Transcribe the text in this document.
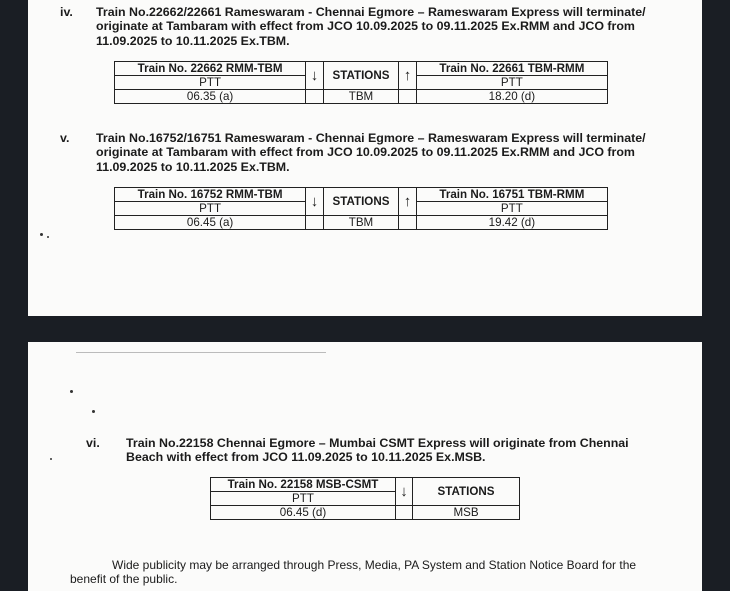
iv.	Train No.22662/22661 Rameswaram - Chennai Egmore – Rameswaram Express will terminate/ originate at Tambaram with effect from JCO 10.09.2025 to 09.11.2025 Ex.RMM and JCO from 11.09.2025 to 10.11.2025 Ex.TBM.
Train No. 22662 RMM-TBM	↓	STATIONS	↑	Train No. 22661 TBM-RMM
PTT				PTT
06.35 (a)		TBM		18.20 (d)
v.	Train No.16752/16751 Rameswaram - Chennai Egmore – Rameswaram Express will terminate/ originate at Tambaram with effect from JCO 10.09.2025 to 09.11.2025 Ex.RMM and JCO from 11.09.2025 to 10.11.2025 Ex.TBM.
Train No. 16752 RMM-TBM	↓	STATIONS	↑	Train No. 16751 TBM-RMM
PTT				PTT
06.45 (a)		TBM		19.42 (d)
vi.	Train No.22158 Chennai Egmore – Mumbai CSMT Express will originate from Chennai Beach with effect from JCO 11.09.2025 to 10.11.2025 Ex.MSB.
Train No. 22158 MSB-CSMT	↓	STATIONS
PTT		
06.45 (d)		MSB
Wide publicity may be arranged through Press, Media, PA System and Station Notice Board for the benefit of the public.
